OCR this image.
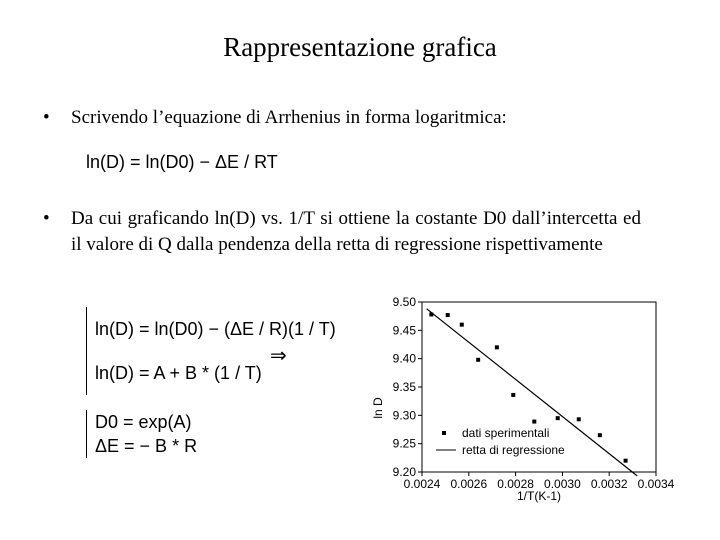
Rappresentazione grafica
• Scrivendo l’equazione di Arrhenius in forma logaritmica:
ln(D) = ln(D0) − ΔE / RT
• Da cui graficando ln(D) vs. 1/T si ottiene la costante D0 dall’intercetta ed il valore di Q dalla pendenza della retta di regressione rispettivamente
ln(D) = ln(D0) − (ΔE / R)(1 / T)
ln(D) = A + B * (1 / T)
⇒
D0 = exp(A)
ΔE = − B * R
9.50
9.45
9.40
9.35
9.30
9.25
9.20
0.0024 0.0026 0.0028 0.0030 0.0032 0.0034
1/T(K-1)
ln D
dati sperimentali
retta di regressione
